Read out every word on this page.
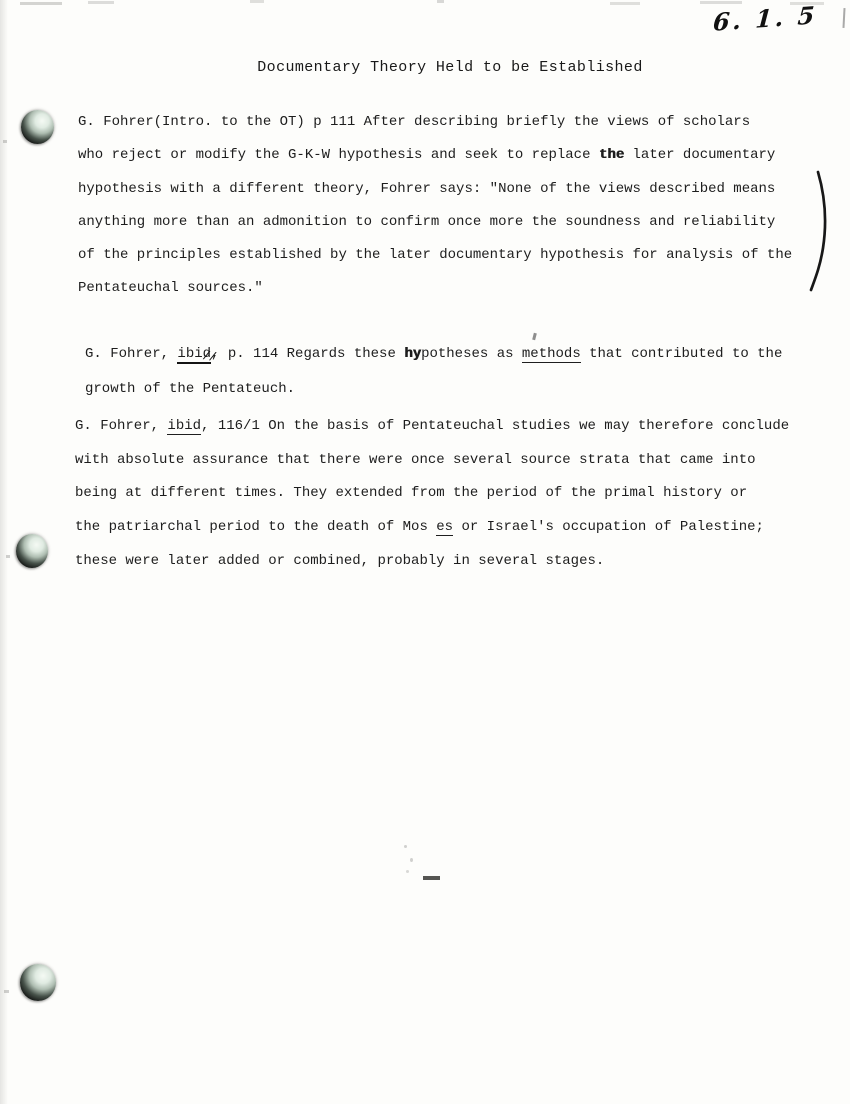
6. 1. 5
Documentary Theory Held to be Established
G. Fohrer(Intro. to the OT) p 111 After describing briefly the views of scholars
who reject or modify the G-K-W hypothesis and seek to replace the later documentary
hypothesis with a different theory, Fohrer says: "None of the views described means
anything more than an admonition to confirm once more the soundness and reliability
of the principles established by the later documentary hypothesis for analysis of the
Pentateuchal sources."
G. Fohrer, ibid ∕∕, p. 114 Regards these hypotheses as methods that contributed to the
growth of the Pentateuch.
G. Fohrer, ibid, 116/1 On the basis of Pentateuchal studies we may therefore conclude
with absolute assurance that there were once several source strata that came into
being at different times. They extended from the period of the primal history or
the patriarchal period to the death of Mos es or Israel's occupation of Palestine;
these were later added or combined, probably in several stages.
